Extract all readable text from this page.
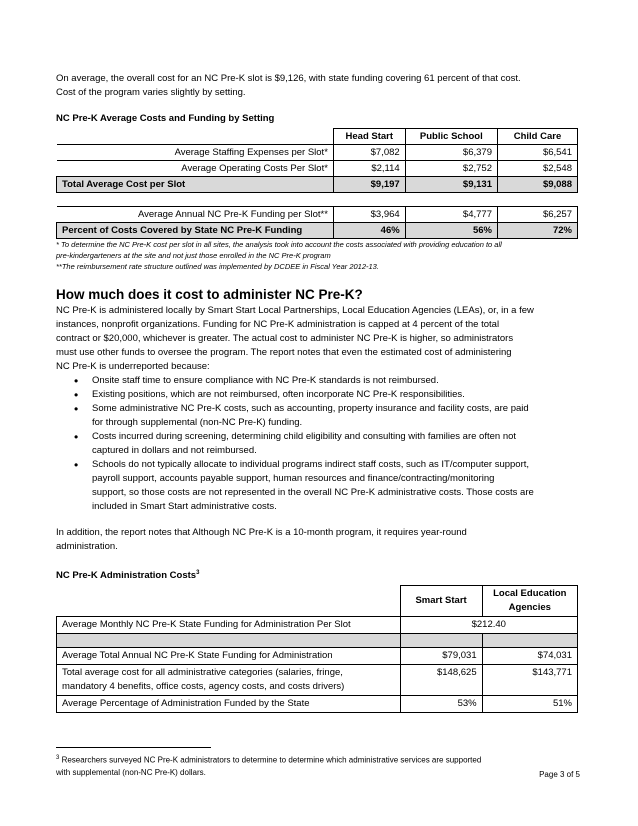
On average, the overall cost for an NC Pre-K slot is $9,126, with state funding covering 61 percent of that cost.

Cost of the program varies slightly by setting.

NC Pre-K Average Costs and Funding by Setting

	Head Start	Public School	Child Care
Average Staffing Expenses per Slot*	$7,082	$6,379	$6,541
Average Operating Costs Per Slot*	$2,114	$2,752	$2,548
Total Average Cost per Slot	$9,197	$9,131	$9,088

Average Annual NC Pre-K Funding per Slot**	$3,964	$4,777	$6,257
Percent of Costs Covered by State NC Pre-K Funding	46%	56%	72%

* To determine the NC Pre-K cost per slot in all sites, the analysis took into account the costs associated with providing education to all

pre-kindergarteners at the site and not just those enrolled in the NC Pre-K program

**The reimbursement rate structure outlined was implemented by DCDEE in Fiscal Year 2012-13.

How much does it cost to administer NC Pre-K?

NC Pre-K is administered locally by Smart Start Local Partnerships, Local Education Agencies (LEAs), or, in a few

instances, nonprofit organizations. Funding for NC Pre-K administration is capped at 4 percent of the total

contract or $20,000, whichever is greater. The actual cost to administer NC Pre-K is higher, so administrators

must use other funds to oversee the program. The report notes that even the estimated cost of administering

NC Pre-K is underreported because:

• Onsite staff time to ensure compliance with NC Pre-K standards is not reimbursed.
• Existing positions, which are not reimbursed, often incorporate NC Pre-K responsibilities.
• Some administrative NC Pre-K costs, such as accounting, property insurance and facility costs, are paid
for through supplemental (non-NC Pre-K) funding.
• Costs incurred during screening, determining child eligibility and consulting with families are often not
captured in dollars and not reimbursed.
• Schools do not typically allocate to individual programs indirect staff costs, such as IT/computer support,
payroll support, accounts payable support, human resources and finance/contracting/monitoring
support, so those costs are not represented in the overall NC Pre-K administrative costs. Those costs are
included in Smart Start administrative costs.

In addition, the report notes that Although NC Pre-K is a 10-month program, it requires year-round

administration.

NC Pre-K Administration Costs$^3$

	Smart Start	Local Education
Agencies
Average Monthly NC Pre-K State Funding for Administration Per Slot	$212.40	

Average Total Annual NC Pre-K State Funding for Administration	$79,031	$74,031
Total average cost for all administrative categories (salaries, fringe,
mandatory 4 benefits, office costs, agency costs, and costs drivers)	$148,625	$143,771
Average Percentage of Administration Funded by the State	53%	51%

$^3$ Researchers surveyed NC Pre-K administrators to determine to determine which administrative services are supported

with supplemental (non-NC Pre-K) dollars.	Page 3 of 5
